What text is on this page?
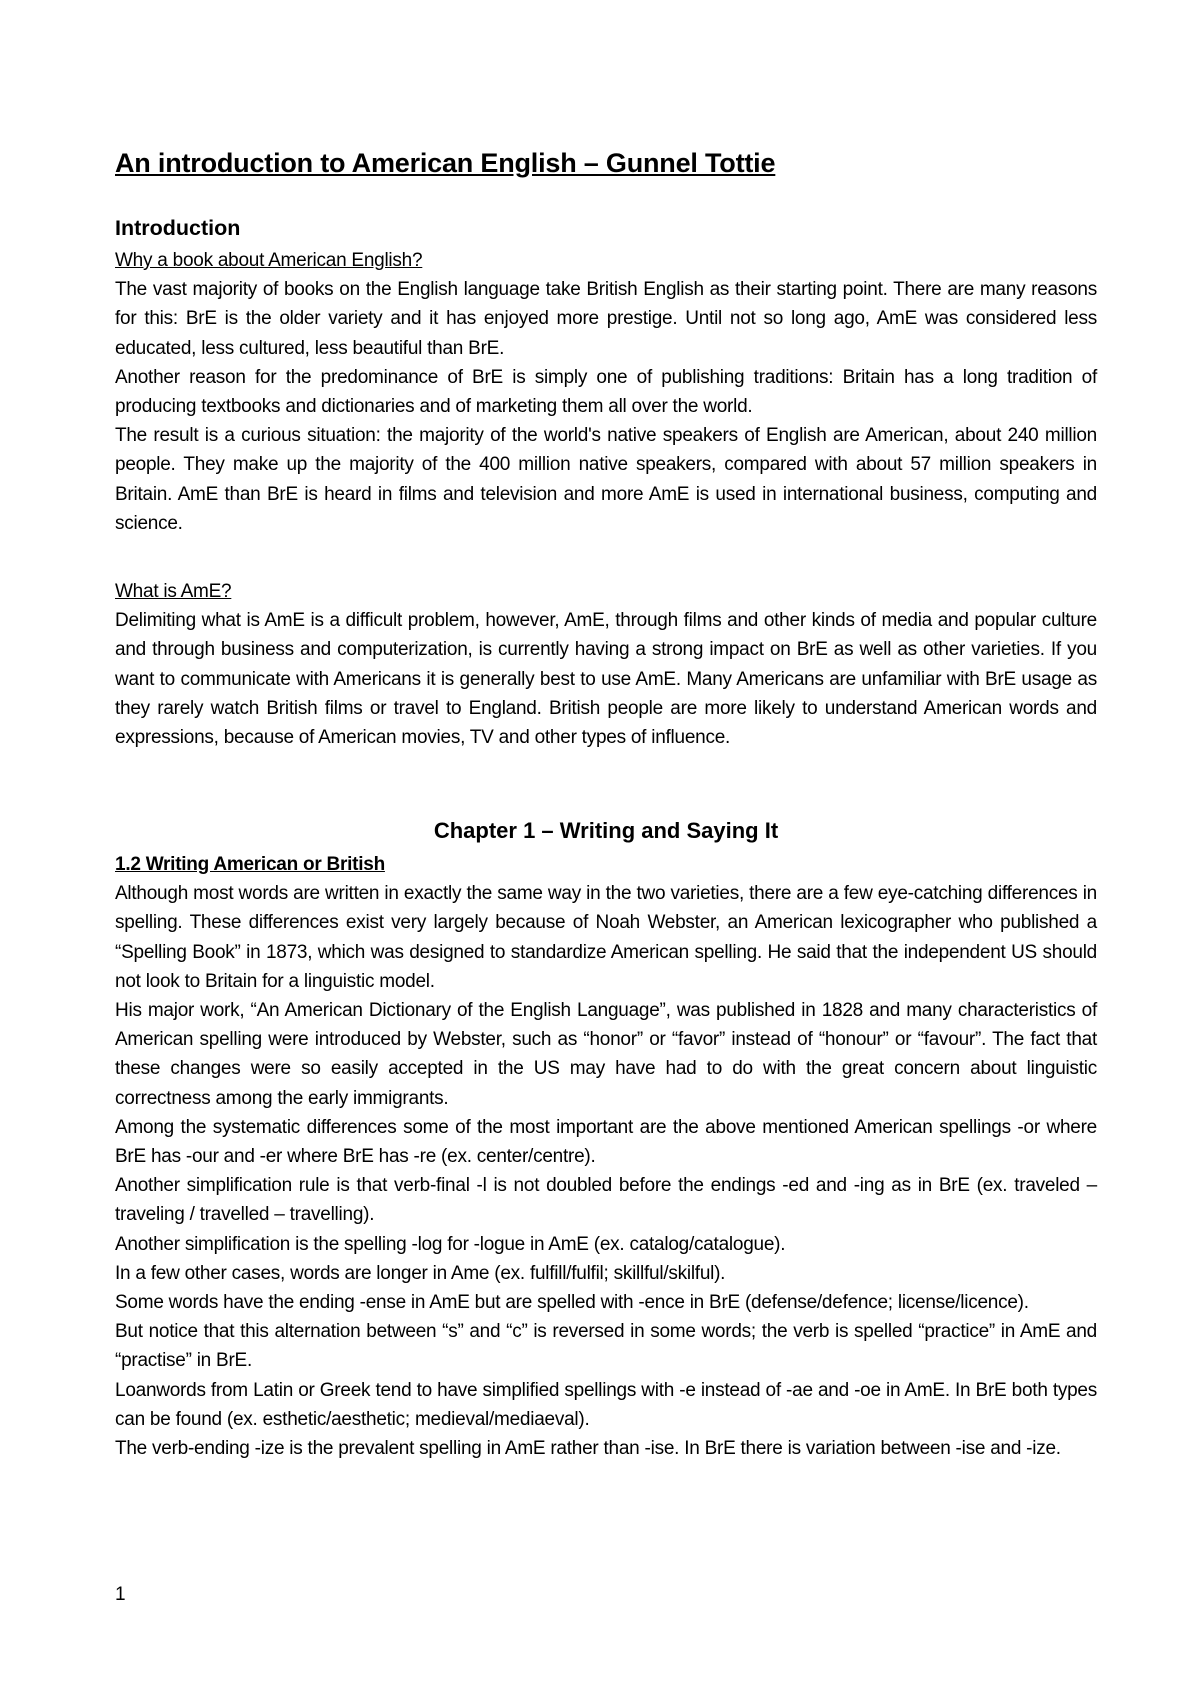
An introduction to American English – Gunnel Tottie
Introduction

Why a book about American English?

The vast majority of books on the English language take British English as their starting point. There are many reasons for this: BrE is the older variety and it has enjoyed more prestige. Until not so long ago, AmE was considered less educated, less cultured, less beautiful than BrE.

Another reason for the predominance of BrE is simply one of publishing traditions: Britain has a long tradition of producing textbooks and dictionaries and of marketing them all over the world.

The result is a curious situation: the majority of the world's native speakers of English are American, about 240 million people. They make up the majority of the 400 million native speakers, compared with about 57 million speakers in Britain. AmE than BrE is heard in films and television and more AmE is used in international business, computing and science.

What is AmE?

Delimiting what is AmE is a difficult problem, however, AmE, through films and other kinds of media and popular culture and through business and computerization, is currently having a strong impact on BrE as well as other varieties. If you want to communicate with Americans it is generally best to use AmE. Many Americans are unfamiliar with BrE usage as they rarely watch British films or travel to England. British people are more likely to understand American words and expressions, because of American movies, TV and other types of influence.

Chapter 1 – Writing and Saying It

1.2 Writing American or British

Although most words are written in exactly the same way in the two varieties, there are a few eye-catching differences in spelling. These differences exist very largely because of Noah Webster, an American lexicographer who published a “Spelling Book” in 1873, which was designed to standardize American spelling. He said that the independent US should not look to Britain for a linguistic model.

His major work, “An American Dictionary of the English Language”, was published in 1828 and many characteristics of American spelling were introduced by Webster, such as “honor” or “favor” instead of “honour” or “favour”. The fact that these changes were so easily accepted in the US may have had to do with the great concern about linguistic correctness among the early immigrants.

Among the systematic differences some of the most important are the above mentioned American spellings -or where BrE has -our and -er where BrE has -re (ex. center/centre).

Another simplification rule is that verb-final -l is not doubled before the endings -ed and -ing as in BrE (ex. traveled – traveling / travelled – travelling).

Another simplification is the spelling -log for -logue in AmE (ex. catalog/catalogue).

In a few other cases, words are longer in Ame (ex. fulfill/fulfil; skillful/skilful).

Some words have the ending -ense in AmE but are spelled with -ence in BrE (defense/defence; license/licence).

But notice that this alternation between “s” and “c” is reversed in some words; the verb is spelled “practice” in AmE and “practise” in BrE.

Loanwords from Latin or Greek tend to have simplified spellings with -e instead of -ae and -oe in AmE. In BrE both types can be found (ex. esthetic/aesthetic; medieval/mediaeval).

The verb-ending -ize is the prevalent spelling in AmE rather than -ise. In BrE there is variation between -ise and -ize.

1
